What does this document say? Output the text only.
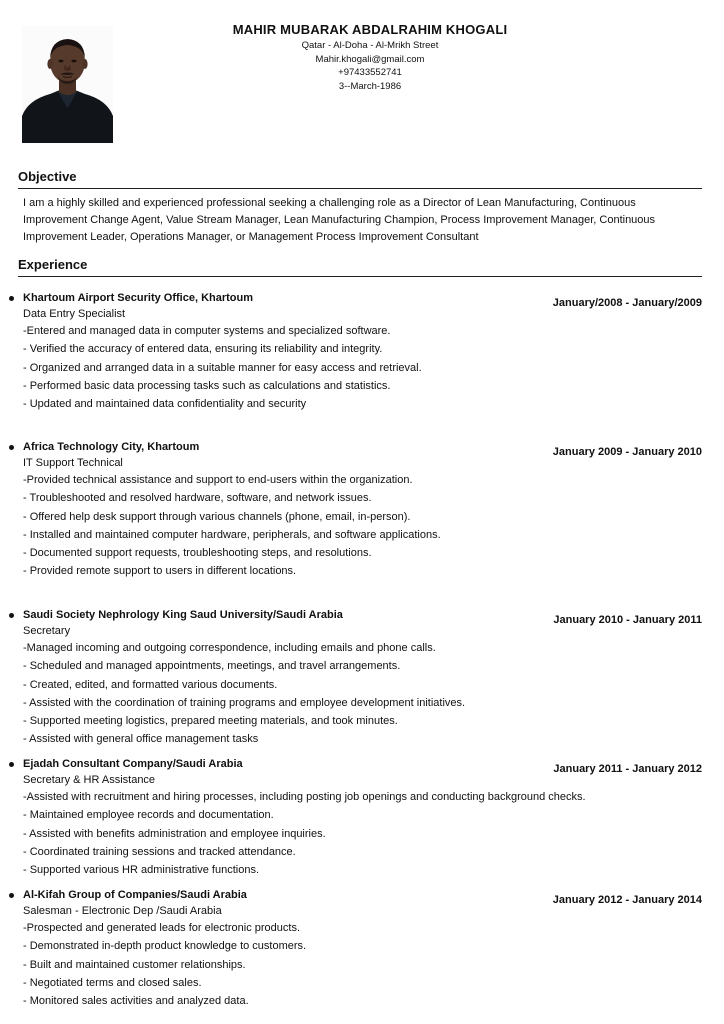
MAHIR MUBARAK ABDALRAHIM KHOGALI
Qatar - Al-Doha - Al-Mrikh Street
Mahir.khogali@gmail.com
+97433552741
3--March-1986
Objective
I am a highly skilled and experienced professional seeking a challenging role as a Director of Lean Manufacturing, Continuous Improvement Change Agent, Value Stream Manager, Lean Manufacturing Champion, Process Improvement Manager, Continuous Improvement Leader, Operations Manager, or Management Process Improvement Consultant
Experience
Khartoum Airport Security Office, Khartoum	January/2008 - January/2009
Data Entry Specialist
-Entered and managed data in computer systems and specialized software.
- Verified the accuracy of entered data, ensuring its reliability and integrity.
- Organized and arranged data in a suitable manner for easy access and retrieval.
- Performed basic data processing tasks such as calculations and statistics.
- Updated and maintained data confidentiality and security
Africa Technology City, Khartoum	January 2009 - January 2010
IT Support Technical
-Provided technical assistance and support to end-users within the organization.
- Troubleshooted and resolved hardware, software, and network issues.
- Offered help desk support through various channels (phone, email, in-person).
- Installed and maintained computer hardware, peripherals, and software applications.
- Documented support requests, troubleshooting steps, and resolutions.
- Provided remote support to users in different locations.
Saudi Society Nephrology King Saud University/Saudi Arabia	January 2010 - January 2011
Secretary
-Managed incoming and outgoing correspondence, including emails and phone calls.
- Scheduled and managed appointments, meetings, and travel arrangements.
- Created, edited, and formatted various documents.
- Assisted with the coordination of training programs and employee development initiatives.
- Supported meeting logistics, prepared meeting materials, and took minutes.
- Assisted with general office management tasks
Ejadah Consultant Company/Saudi Arabia	January 2011 - January 2012
Secretary & HR Assistance
-Assisted with recruitment and hiring processes, including posting job openings and conducting background checks.
- Maintained employee records and documentation.
- Assisted with benefits administration and employee inquiries.
- Coordinated training sessions and tracked attendance.
- Supported various HR administrative functions.
Al-Kifah Group of Companies/Saudi Arabia	January 2012 - January 2014
Salesman - Electronic Dep /Saudi Arabia
-Prospected and generated leads for electronic products.
- Demonstrated in-depth product knowledge to customers.
- Built and maintained customer relationships.
- Negotiated terms and closed sales.
- Monitored sales activities and analyzed data.
